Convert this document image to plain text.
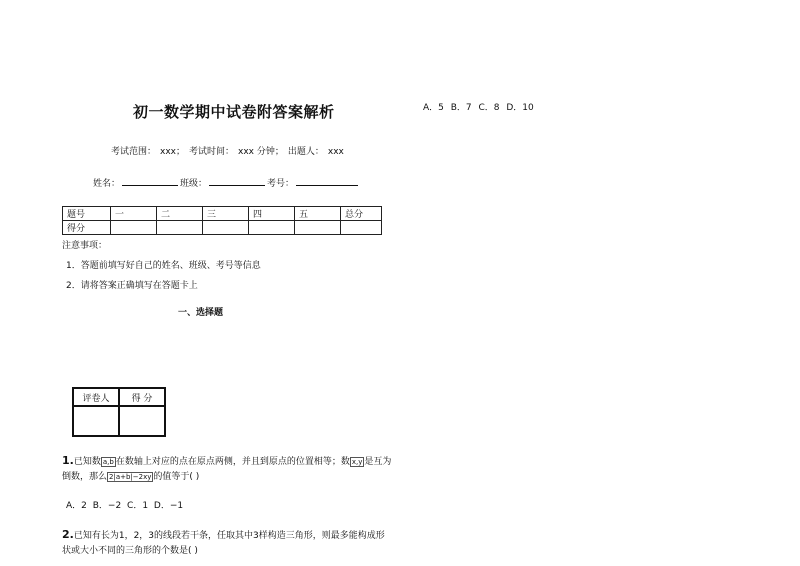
初一数学期中试卷附答案解析	A．5 B．7 C．8 D．10
考试范围： xxx； 考试时间： xxx 分钟； 出题人： xxx
姓名：	班级：	考号：
题号	一	二	三	四	五	总分
得分						
注意事项：
1．答题前填写好自己的姓名、班级、考号等信息
2．请将答案正确填写在答题卡上
一、选择题
评卷人	得 分

1.已知数 a,b 在数轴上对应的点在原点两侧，并且到原点的位置相等；数 x,y 是互为倒数，那么 2|a+b|−2xy 的值等于( )
A．2 B．−2 C．1 D．−1
2.已知有长为1，2，3的线段若干条，任取其中3样构造三角形，则最多能构成形状或大小不同的三角形的个数是( )
